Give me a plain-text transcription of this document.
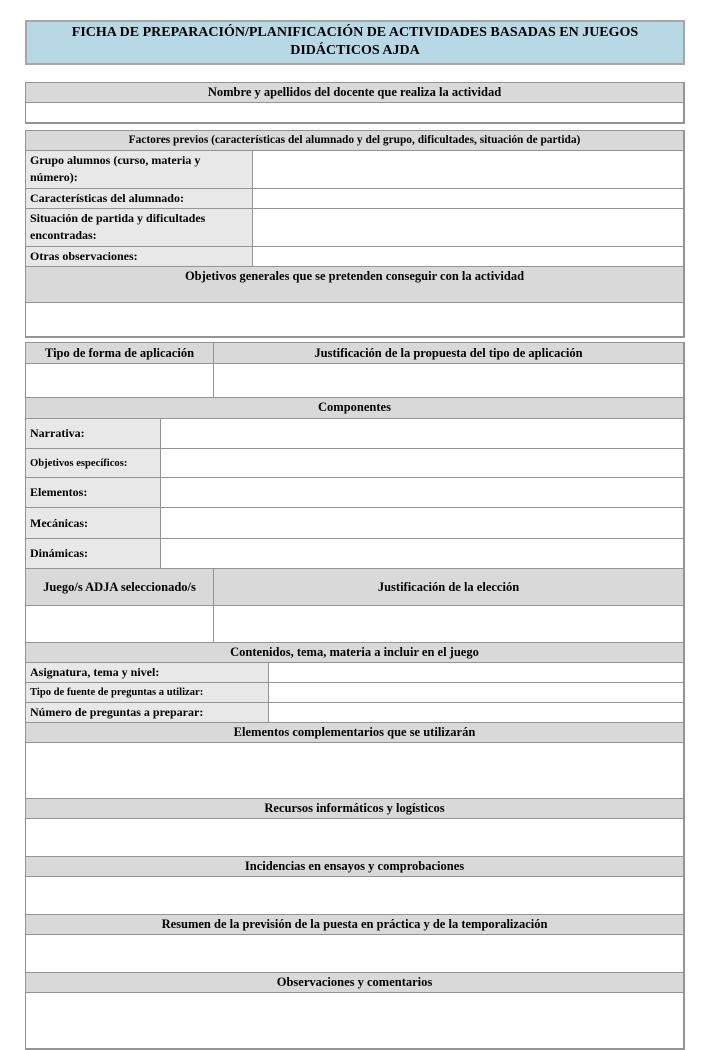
FICHA DE PREPARACIÓN/PLANIFICACIÓN DE ACTIVIDADES BASADAS EN JUEGOS DIDÁCTICOS AJDA
Nombre y apellidos del docente que realiza la actividad
Factores previos (características del alumnado y del grupo, dificultades, situación de partida)
Grupo alumnos (curso, materia y número):
Características del alumnado:
Situación de partida y dificultades encontradas:
Otras observaciones:
Objetivos generales que se pretenden conseguir con la actividad
Tipo de forma de aplicación	Justificación de la propuesta del tipo de aplicación
Componentes
Narrativa:
Objetivos específicos:
Elementos:
Mecánicas:
Dinámicas:
Juego/s ADJA seleccionado/s	Justificación de la elección
Contenidos, tema, materia a incluir en el juego
Asignatura, tema y nivel:
Tipo de fuente de preguntas a utilizar:
Número de preguntas a preparar:
Elementos complementarios que se utilizarán
Recursos informáticos y logísticos
Incidencias en ensayos y comprobaciones
Resumen de la previsión de la puesta en práctica y de la temporalización
Observaciones y comentarios
